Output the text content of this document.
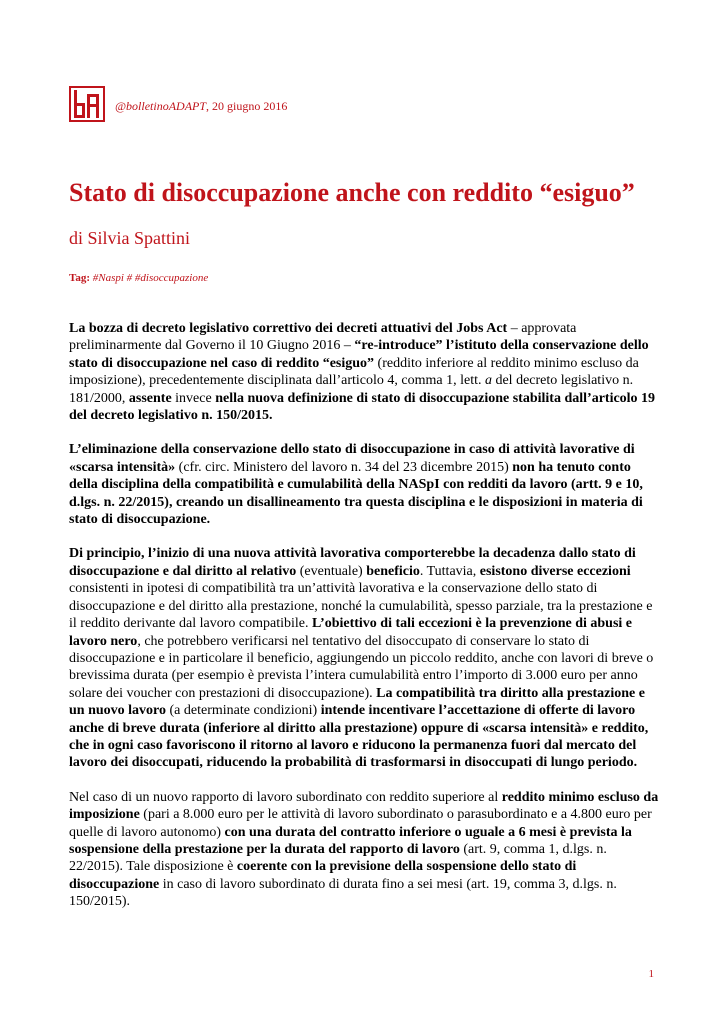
@bolletinoADAPT, 20 giugno 2016
Stato di disoccupazione anche con reddito “esiguo”
di Silvia Spattini
Tag: #Naspi # #disoccupazione

La bozza di decreto legislativo correttivo dei decreti attuativi del Jobs Act – approvata preliminarmente dal Governo il 10 Giugno 2016 – “re-introduce” l’istituto della conservazione dello stato di disoccupazione nel caso di reddito “esiguo” (reddito inferiore al reddito minimo escluso da imposizione), precedentemente disciplinata dall’articolo 4, comma 1, lett. a del decreto legislativo n. 181/2000, assente invece nella nuova definizione di stato di disoccupazione stabilita dall’articolo 19 del decreto legislativo n. 150/2015.

L’eliminazione della conservazione dello stato di disoccupazione in caso di attività lavorative di «scarsa intensità» (cfr. circ. Ministero del lavoro n. 34 del 23 dicembre 2015) non ha tenuto conto della disciplina della compatibilità e cumulabilità della NASpI con redditi da lavoro (artt. 9 e 10, d.lgs. n. 22/2015), creando un disallineamento tra questa disciplina e le disposizioni in materia di stato di disoccupazione.

Di principio, l’inizio di una nuova attività lavorativa comporterebbe la decadenza dallo stato di disoccupazione e dal diritto al relativo (eventuale) beneficio. Tuttavia, esistono diverse eccezioni consistenti in ipotesi di compatibilità tra un’attività lavorativa e la conservazione dello stato di disoccupazione e del diritto alla prestazione, nonché la cumulabilità, spesso parziale, tra la prestazione e il reddito derivante dal lavoro compatibile. L’obiettivo di tali eccezioni è la prevenzione di abusi e lavoro nero, che potrebbero verificarsi nel tentativo del disoccupato di conservare lo stato di disoccupazione e in particolare il beneficio, aggiungendo un piccolo reddito, anche con lavori di breve o brevissima durata (per esempio è prevista l’intera cumulabilità entro l’importo di 3.000 euro per anno solare dei voucher con prestazioni di disoccupazione). La compatibilità tra diritto alla prestazione e un nuovo lavoro (a determinate condizioni) intende incentivare l’accettazione di offerte di lavoro anche di breve durata (inferiore al diritto alla prestazione) oppure di «scarsa intensità» e reddito, che in ogni caso favoriscono il ritorno al lavoro e riducono la permanenza fuori dal mercato del lavoro dei disoccupati, riducendo la probabilità di trasformarsi in disoccupati di lungo periodo.

Nel caso di un nuovo rapporto di lavoro subordinato con reddito superiore al reddito minimo escluso da imposizione (pari a 8.000 euro per le attività di lavoro subordinato o parasubordinato e a 4.800 euro per quelle di lavoro autonomo) con una durata del contratto inferiore o uguale a 6 mesi è prevista la sospensione della prestazione per la durata del rapporto di lavoro (art. 9, comma 1, d.lgs. n. 22/2015). Tale disposizione è coerente con la previsione della sospensione dello stato di disoccupazione in caso di lavoro subordinato di durata fino a sei mesi (art. 19, comma 3, d.lgs. n. 150/2015).

1
